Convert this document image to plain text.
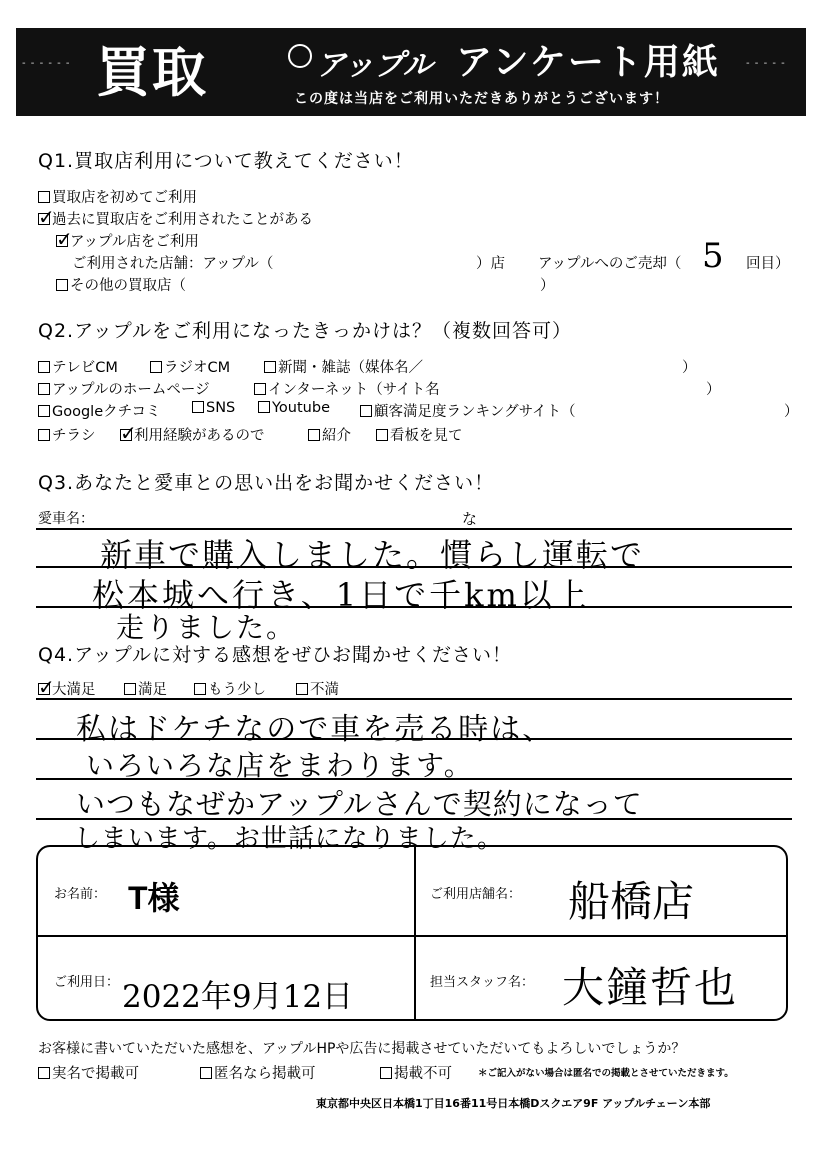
- - - - - -	- - - - -
買取	アップル アンケート用紙
この度は当店をご利用いただきありがとうございます！
Q1.買取店利用について教えてください！
買取店を初めてご利用
✓
過去に買取店をご利用されたことがある
✓
アップル店をご利用
ご利用された店舗：アップル（	）店 アップルへのご売却（ 5 回目）
その他の買取店（	）
Q2.アップルをご利用になったきっかけは？（複数回答可）
テレビCM	ラジオCM	新聞・雑誌（媒体名／	）
アップルのホームページ	インターネット（サイト名	）
Googleクチコミ	SNS	Youtube	顧客満足度ランキングサイト（	）
チラシ ✓
利用経験があるので	紹介	看板を見て
Q3.あなたと愛車との思い出をお聞かせください！
愛車名：	な
新車で購入しました。慣らし運転で
松本城へ行き、1日で千km以上
走りました。
Q4.アップルに対する感想をぜひお聞かせください！
✓
大満足	満足	もう少し	不満
私はドケチなので車を売る時は、
いろいろな店をまわります。
いつもなぜかアップルさんで契約になって
しまいます。お世話になりました。
お名前： T様	ご利用店舗名： 船橋店
ご利用日： 2022年9月12日	担当スタッフ名： 大鐘哲也
お客様に書いていただいた感想を、アップルHPや広告に掲載させていただいてもよろしいでしょうか？
実名で掲載可	匿名なら掲載可	掲載不可	＊ご記入がない場合は匿名での掲載とさせていただきます。
東京都中央区日本橋1丁目16番11号日本橋Dスクエア9F アップルチェーン本部
